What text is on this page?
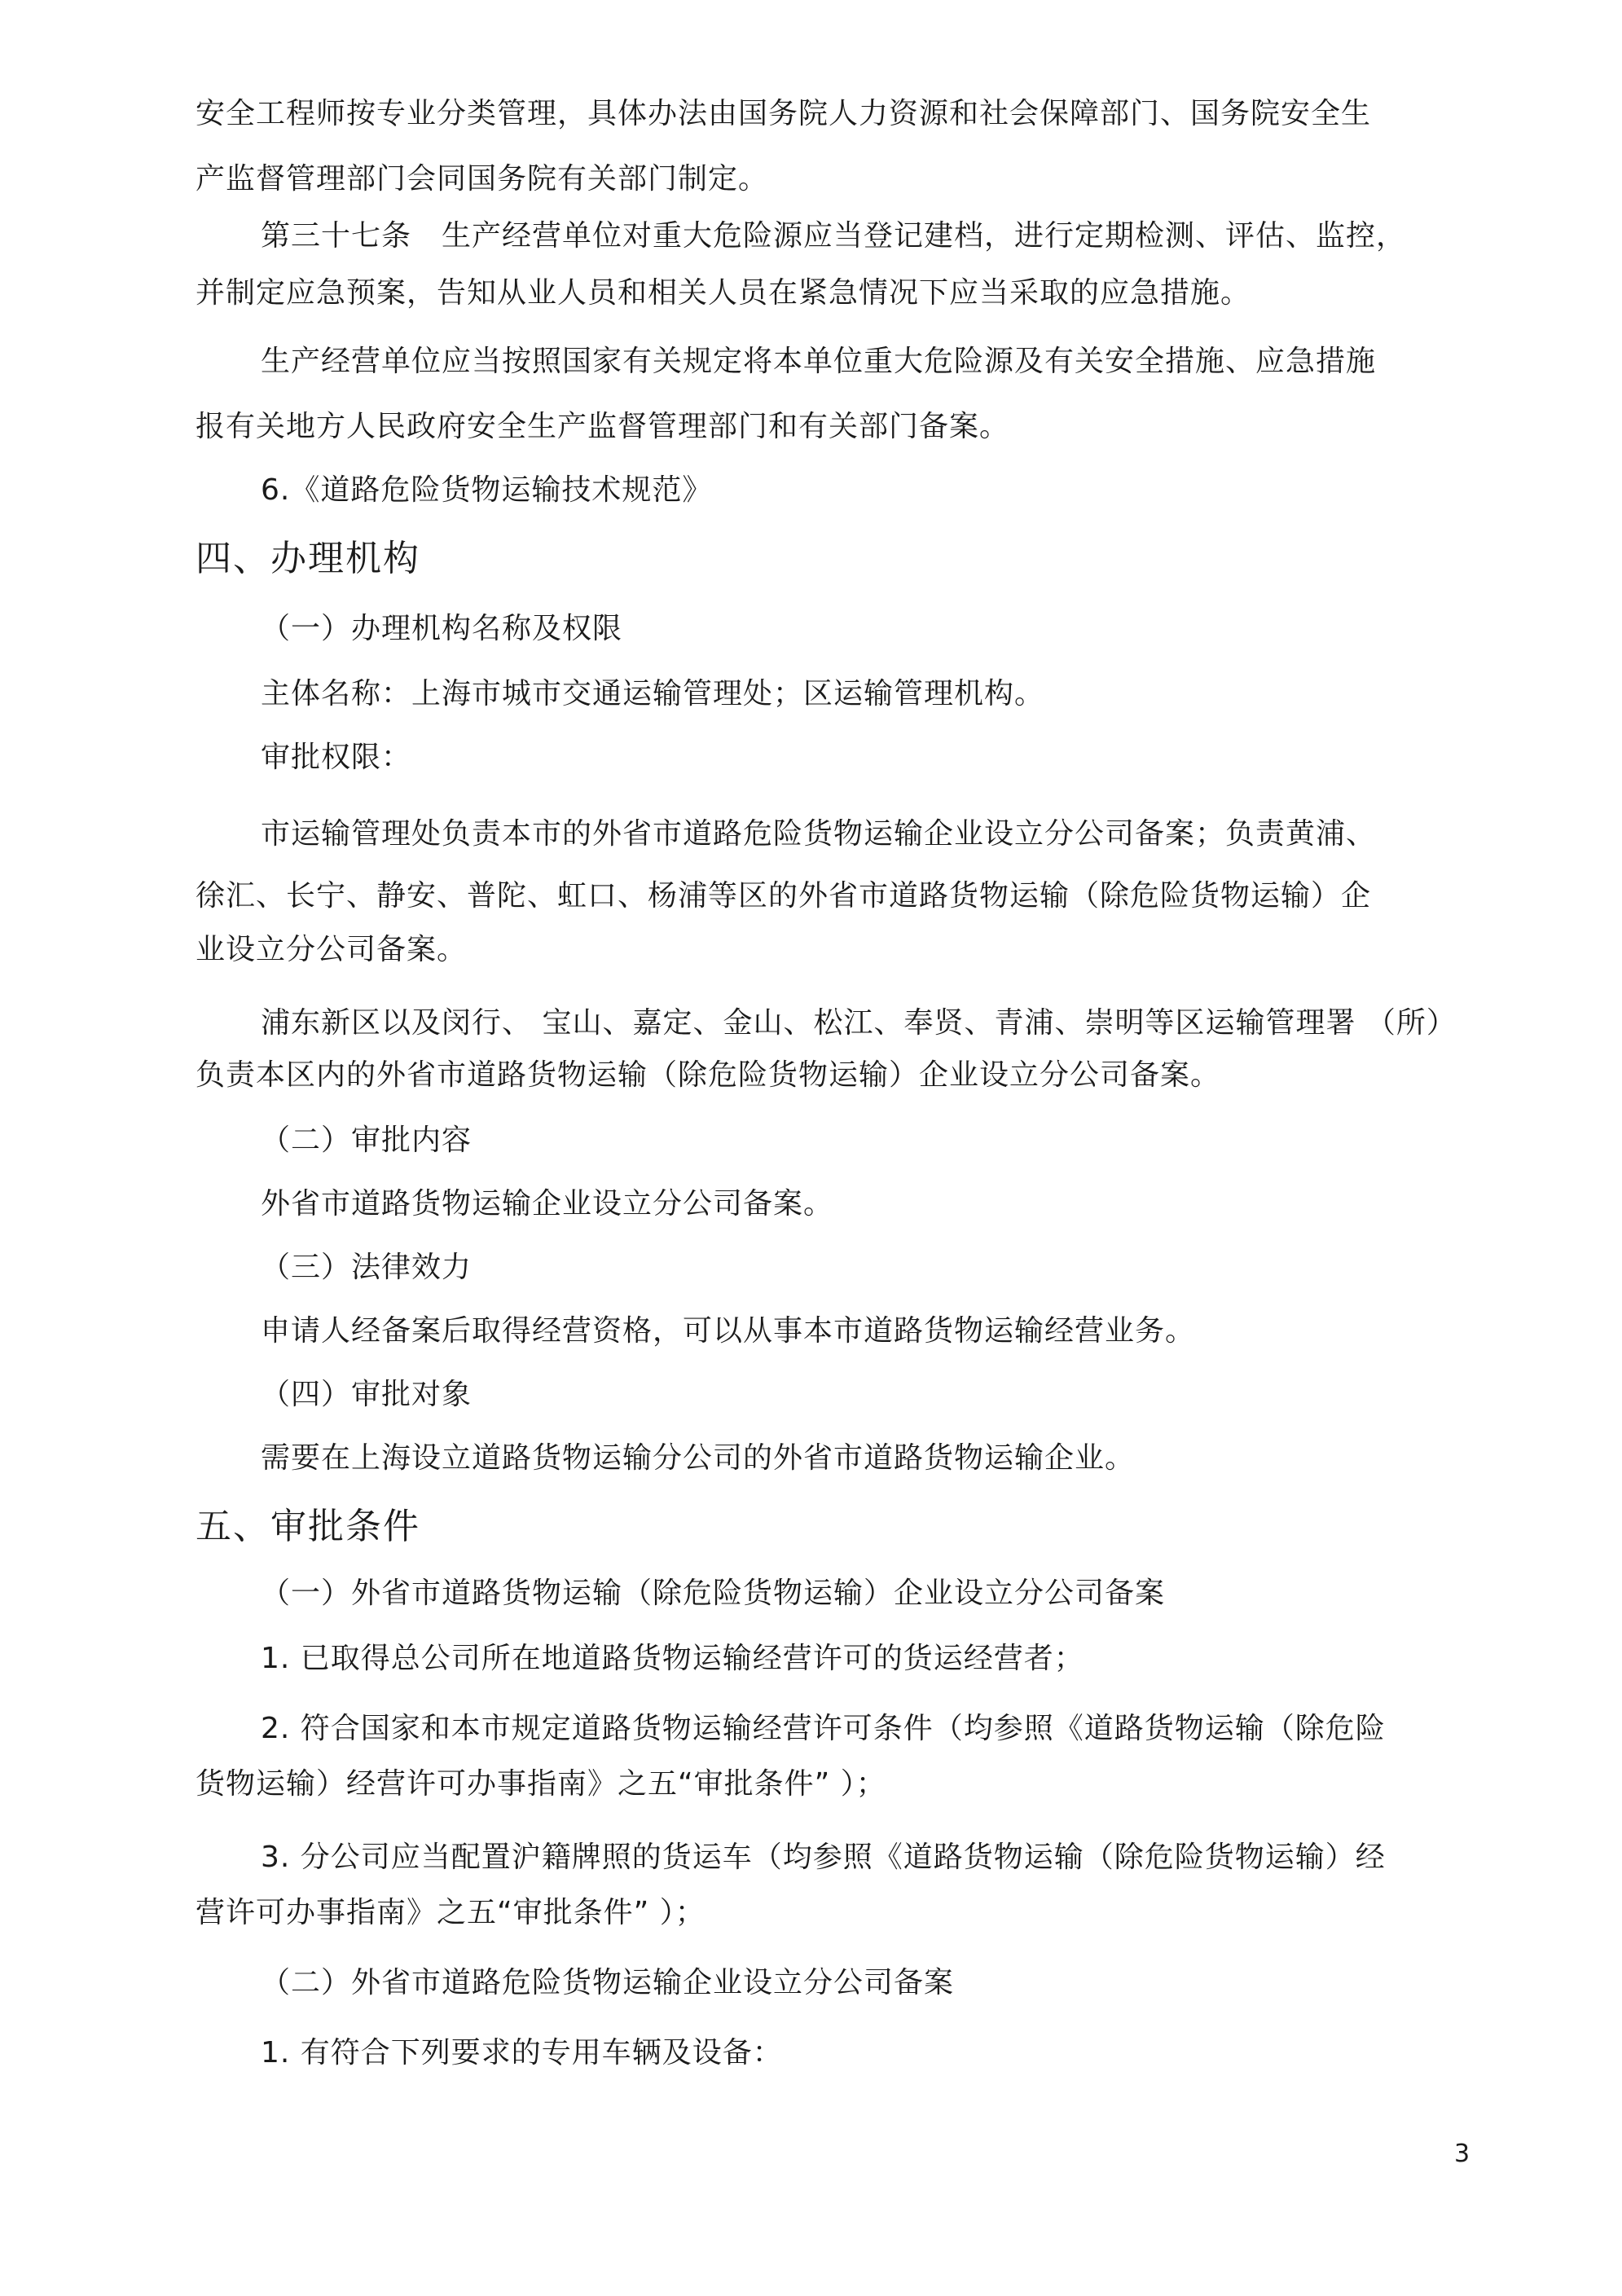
安全工程师按专业分类管理，具体办法由国务院人力资源和社会保障部门、国务院安全生
产监督管理部门会同国务院有关部门制定。
第三十七条　生产经营单位对重大危险源应当登记建档，进行定期检测、评估、监控，
并制定应急预案，告知从业人员和相关人员在紧急情况下应当采取的应急措施。
生产经营单位应当按照国家有关规定将本单位重大危险源及有关安全措施、应急措施
报有关地方人民政府安全生产监督管理部门和有关部门备案。
6.《道路危险货物运输技术规范》
四、办理机构
（一）办理机构名称及权限
主体名称：上海市城市交通运输管理处；区运输管理机构。
审批权限：
市运输管理处负责本市的外省市道路危险货物运输企业设立分公司备案；负责黄浦、
徐汇、长宁、静安、普陀、虹口、杨浦等区的外省市道路货物运输（除危险货物运输）企
业设立分公司备案。
浦东新区以及闵行、 宝山、嘉定、金山、松江、奉贤、青浦、崇明等区运输管理署 （所）
负责本区内的外省市道路货物运输（除危险货物运输）企业设立分公司备案。
（二）审批内容
外省市道路货物运输企业设立分公司备案。
（三）法律效力
申请人经备案后取得经营资格，可以从事本市道路货物运输经营业务。
（四）审批对象
需要在上海设立道路货物运输分公司的外省市道路货物运输企业。
五、审批条件
（一）外省市道路货物运输（除危险货物运输）企业设立分公司备案
1. 已取得总公司所在地道路货物运输经营许可的货运经营者；
2. 符合国家和本市规定道路货物运输经营许可条件（均参照《道路货物运输（除危险
货物运输）经营许可办事指南》之五“审批条件” ）；
3. 分公司应当配置沪籍牌照的货运车（均参照《道路货物运输（除危险货物运输）经
营许可办事指南》之五“审批条件” ）；
（二）外省市道路危险货物运输企业设立分公司备案
1. 有符合下列要求的专用车辆及设备：
3
